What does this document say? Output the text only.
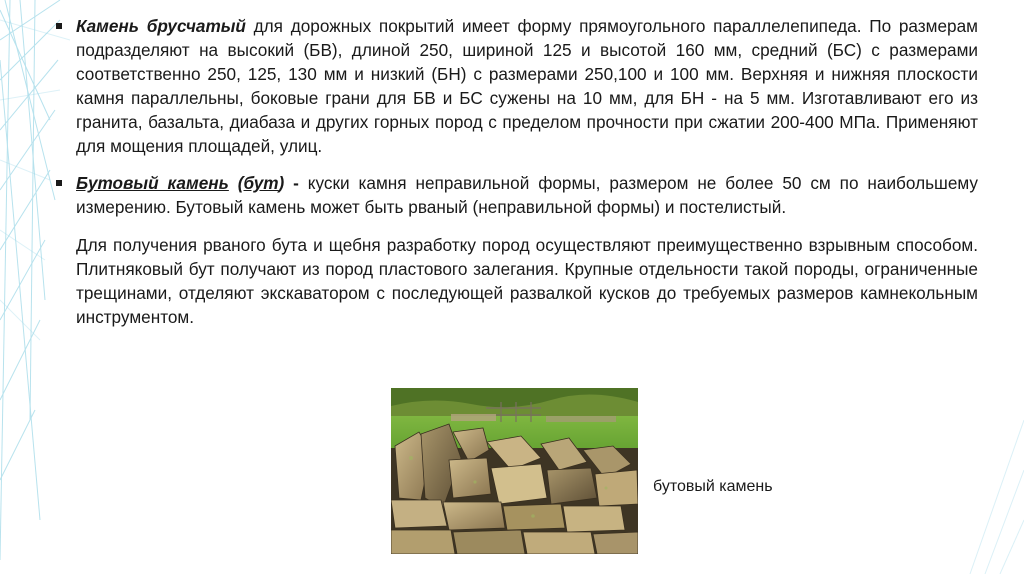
Камень брусчатый для дорожных покрытий имеет форму прямоугольного параллелепипеда. По размерам подразделяют на высокий (БВ), длиной 250, шириной 125 и высотой 160 мм, средний (БС) с размерами соответственно 250, 125, 130 мм и низкий (БН) с размерами 250,100 и 100 мм. Верхняя и нижняя плоскости камня параллельны, боковые грани для БВ и БС сужены на 10 мм, для БН - на 5 мм. Изготавливают его из гранита, базальта, диабаза и других горных пород с пределом прочности при сжатии 200-400 МПа. Применяют для мощения площадей, улиц.
Бутовый камень (бут) - куски камня неправильной формы, размером не более 50 см по наибольшему измерению. Бутовый камень может быть рваный (неправильной формы) и постелистый.
Для получения рваного бута и щебня разработку пород осуществляют преимущественно взрывным способом. Плитняковый бут получают из пород пластового залегания. Крупные отдельности такой породы, ограниченные трещинами, отделяют экскаватором с последующей развалкой кусков до требуемых размеров камнекольным инструментом.
бутовый камень
